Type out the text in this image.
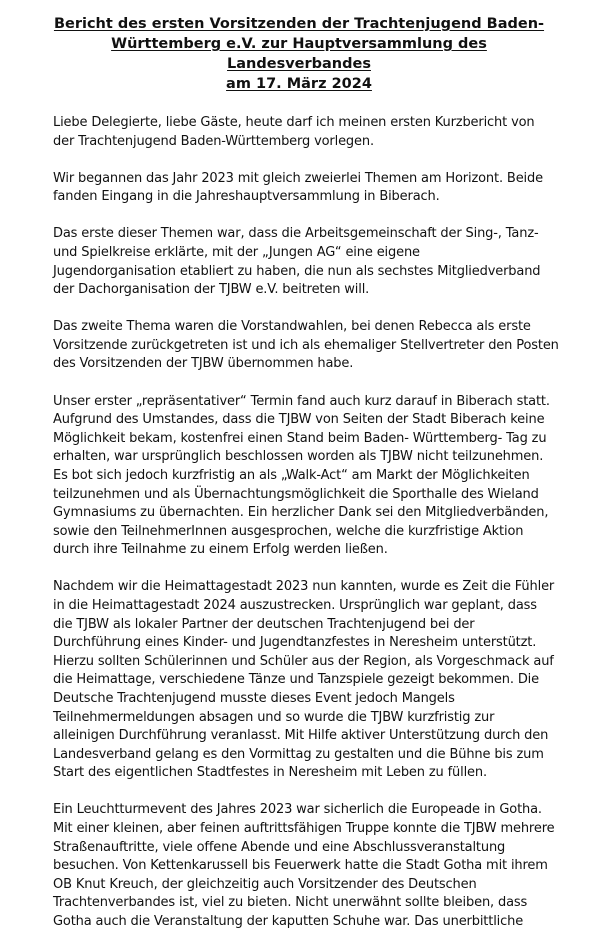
Bericht des ersten Vorsitzenden der Trachtenjugend Baden-
Württemberg e.V. zur Hauptversammlung des Landesverbandes
am 17. März 2024
Liebe Delegierte, liebe Gäste, heute darf ich meinen ersten Kurzbericht von
der Trachtenjugend Baden-Württemberg vorlegen.
Wir begannen das Jahr 2023 mit gleich zweierlei Themen am Horizont. Beide
fanden Eingang in die Jahreshauptversammlung in Biberach.
Das erste dieser Themen war, dass die Arbeitsgemeinschaft der Sing-, Tanz-
und Spielkreise erklärte, mit der „Jungen AG“ eine eigene
Jugendorganisation etabliert zu haben, die nun als sechstes Mitgliedverband
der Dachorganisation der TJBW e.V. beitreten will.
Das zweite Thema waren die Vorstandwahlen, bei denen Rebecca als erste
Vorsitzende zurückgetreten ist und ich als ehemaliger Stellvertreter den Posten
des Vorsitzenden der TJBW übernommen habe.
Unser erster „repräsentativer“ Termin fand auch kurz darauf in Biberach statt.
Aufgrund des Umstandes, dass die TJBW von Seiten der Stadt Biberach keine
Möglichkeit bekam, kostenfrei einen Stand beim Baden- Württemberg- Tag zu
erhalten, war ursprünglich beschlossen worden als TJBW nicht teilzunehmen.
Es bot sich jedoch kurzfristig an als „Walk-Act“ am Markt der Möglichkeiten
teilzunehmen und als Übernachtungsmöglichkeit die Sporthalle des Wieland
Gymnasiums zu übernachten. Ein herzlicher Dank sei den Mitgliedverbänden,
sowie den TeilnehmerInnen ausgesprochen, welche die kurzfristige Aktion
durch ihre Teilnahme zu einem Erfolg werden ließen.
Nachdem wir die Heimattagestadt 2023 nun kannten, wurde es Zeit die Fühler
in die Heimattagestadt 2024 auszustrecken. Ursprünglich war geplant, dass
die TJBW als lokaler Partner der deutschen Trachtenjugend bei der
Durchführung eines Kinder- und Jugendtanzfestes in Neresheim unterstützt.
Hierzu sollten Schülerinnen und Schüler aus der Region, als Vorgeschmack auf
die Heimattage, verschiedene Tänze und Tanzspiele gezeigt bekommen. Die
Deutsche Trachtenjugend musste dieses Event jedoch Mangels
Teilnehmermeldungen absagen und so wurde die TJBW kurzfristig zur
alleinigen Durchführung veranlasst. Mit Hilfe aktiver Unterstützung durch den
Landesverband gelang es den Vormittag zu gestalten und die Bühne bis zum
Start des eigentlichen Stadtfestes in Neresheim mit Leben zu füllen.
Ein Leuchtturmevent des Jahres 2023 war sicherlich die Europeade in Gotha.
Mit einer kleinen, aber feinen auftrittsfähigen Truppe konnte die TJBW mehrere
Straßenauftritte, viele offene Abende und eine Abschlussveranstaltung
besuchen. Von Kettenkarussell bis Feuerwerk hatte die Stadt Gotha mit ihrem
OB Knut Kreuch, der gleichzeitig auch Vorsitzender des Deutschen
Trachtenverbandes ist, viel zu bieten. Nicht unerwähnt sollte bleiben, dass
Gotha auch die Veranstaltung der kaputten Schuhe war. Das unerbittliche
